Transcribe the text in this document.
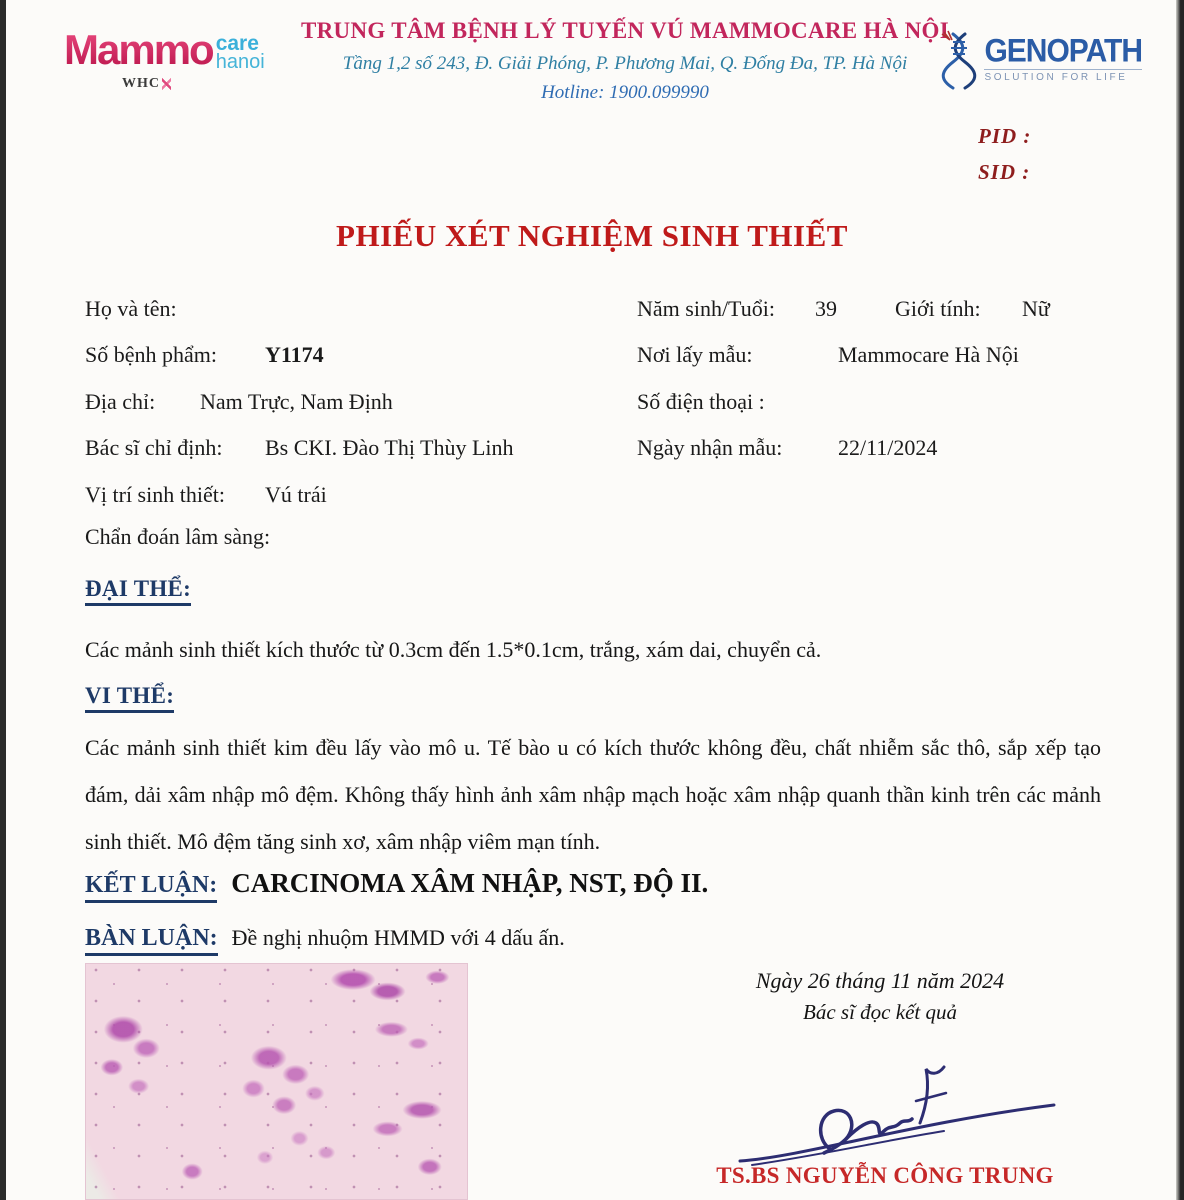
Mammo care
hanoi
WHC
TRUNG TÂM BỆNH LÝ TUYẾN VÚ MAMMOCARE HÀ NỘI
Tầng 1,2 số 243, Đ. Giải Phóng, P. Phương Mai, Q. Đống Đa, TP. Hà Nội
Hotline: 1900.099990
GENOPATH
SOLUTION FOR LIFE
PID :
SID :
PHIẾU XÉT NGHIỆM SINH THIẾT
Họ và tên:	Năm sinh/Tuổi:	39	Giới tính:	Nữ
Số bệnh phẩm:	Y1174	Nơi lấy mẫu:	Mammocare Hà Nội
Địa chỉ:	Nam Trực, Nam Định	Số điện thoại :
Bác sĩ chỉ định:	Bs CKI. Đào Thị Thùy Linh	Ngày nhận mẫu:	22/11/2024
Vị trí sinh thiết:	Vú trái
Chẩn đoán lâm sàng:
ĐẠI THỂ:
Các mảnh sinh thiết kích thước từ 0.3cm đến 1.5*0.1cm, trắng, xám dai, chuyển cả.
VI THỂ:
Các mảnh sinh thiết kim đều lấy vào mô u. Tế bào u có kích thước không đều, chất nhiễm sắc thô, sắp xếp tạo đám, dải xâm nhập mô đệm. Không thấy hình ảnh xâm nhập mạch hoặc xâm nhập quanh thần kinh trên các mảnh sinh thiết. Mô đệm tăng sinh xơ, xâm nhập viêm mạn tính.
KẾT LUẬN: CARCINOMA XÂM NHẬP, NST, ĐỘ II.
BÀN LUẬN: Đề nghị nhuộm HMMD với 4 dấu ấn.
Ngày 26 tháng 11 năm 2024
Bác sĩ đọc kết quả
TS.BS NGUYỄN CÔNG TRUNG
